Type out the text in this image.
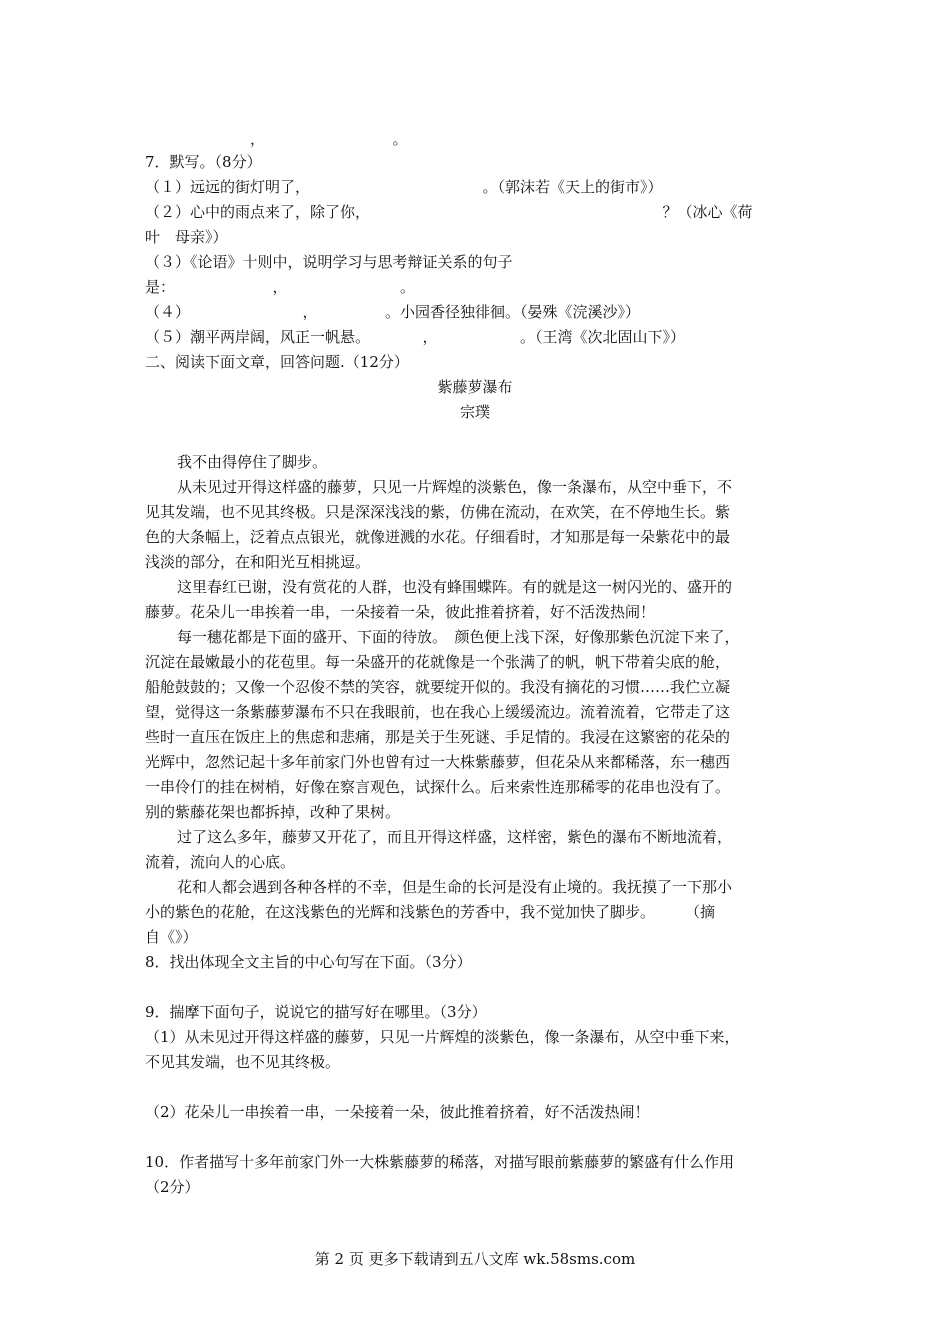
　　　　　　　，　　　　　　　　　。
7．默写。（8分）
（１）远远的街灯明了，　　　　　　　　　　　　。（郭沫若《天上的街市》）
（２）心中的雨点来了，除了你，　　　　　　　　　　　　　　　　　　　　？（冰心《荷
叶　母亲》）
（３）《论语》十则中，说明学习与思考辩证关系的句子
是：　　　　　　　，　　　　　　　　。
（４）　　　　　　　　，　　　　　。小园香径独徘徊。（晏殊《浣溪沙》）
（５）潮平两岸阔，风正一帆悬。　　　　，　　　　　　。（王湾《次北固山下》）
二、阅读下面文章，回答问题.（12分）
紫藤萝瀑布
宗璞
我不由得停住了脚步。
从未见过开得这样盛的藤萝，只见一片辉煌的淡紫色，像一条瀑布，从空中垂下，不
见其发端，也不见其终极。只是深深浅浅的紫，仿佛在流动，在欢笑，在不停地生长。紫
色的大条幅上，泛着点点银光，就像迸溅的水花。仔细看时，才知那是每一朵紫花中的最
浅淡的部分，在和阳光互相挑逗。
这里春红已谢，没有赏花的人群，也没有蜂围蝶阵。有的就是这一树闪光的、盛开的
藤萝。花朵儿一串挨着一串，一朵接着一朵，彼此推着挤着，好不活泼热闹！
每一穗花都是下面的盛开、下面的待放。　颜色便上浅下深，好像那紫色沉淀下来了，
沉淀在最嫩最小的花苞里。每一朵盛开的花就像是一个张满了的帆，帆下带着尖底的舱，
船舱鼓鼓的；又像一个忍俊不禁的笑容，就要绽开似的。我没有摘花的习惯……我伫立凝
望，觉得这一条紫藤萝瀑布不只在我眼前，也在我心上缓缓流边。流着流着，它带走了这
些时一直压在饭庄上的焦虑和悲痛，那是关于生死谜、手足情的。我浸在这繁密的花朵的
光辉中，忽然记起十多年前家门外也曾有过一大株紫藤萝，但花朵从来都稀落，东一穗西
一串伶仃的挂在树梢，好像在察言观色，试探什么。后来索性连那稀零的花串也没有了。
别的紫藤花架也都拆掉，改种了果树。
过了这么多年，藤萝又开花了，而且开得这样盛，这样密，紫色的瀑布不断地流着，
流着，流向人的心底。
花和人都会遇到各种各样的不幸，但是生命的长河是没有止境的。我抚摸了一下那小
小的紫色的花舱，在这浅紫色的光辉和浅紫色的芳香中，我不觉加快了脚步。　　　（摘
自《》）
8．找出体现全文主旨的中心句写在下面。（3分）
9．揣摩下面句子，说说它的描写好在哪里。（3分）
（1）从未见过开得这样盛的藤萝，只见一片辉煌的淡紫色，像一条瀑布，从空中垂下来，
不见其发端，也不见其终极。
（2）花朵儿一串挨着一串，一朵接着一朵，彼此推着挤着，好不活泼热闹！
10．作者描写十多年前家门外一大株紫藤萝的稀落，对描写眼前紫藤萝的繁盛有什么作用
（2分）
第 2 页 更多下载请到五八文库 wk.58sms.com
